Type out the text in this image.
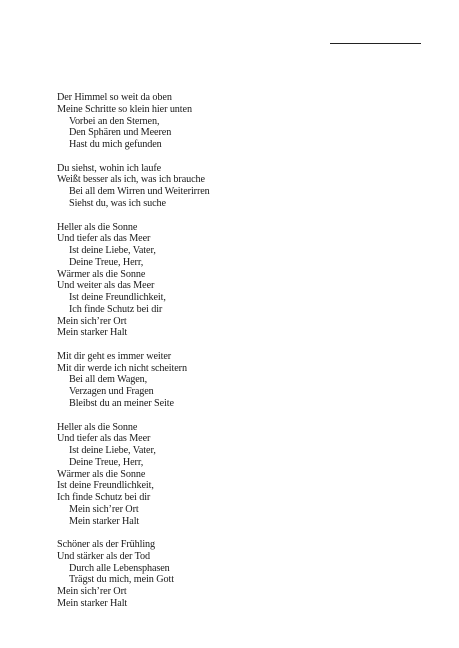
Der Himmel so weit da oben
Meine Schritte so klein hier unten
Vorbei an den Sternen,
Den Sphären und Meeren
Hast du mich gefunden
Du siehst, wohin ich laufe
Weißt besser als ich, was ich brauche
Bei all dem Wirren und Weiterirren
Siehst du, was ich suche
Heller als die Sonne
Und tiefer als das Meer
Ist deine Liebe, Vater,
Deine Treue, Herr,
Wärmer als die Sonne
Und weiter als das Meer
Ist deine Freundlichkeit,
Ich finde Schutz bei dir
Mein sich’rer Ort
Mein starker Halt
Mit dir geht es immer weiter
Mit dir werde ich nicht scheitern
Bei all dem Wagen,
Verzagen und Fragen
Bleibst du an meiner Seite
Heller als die Sonne
Und tiefer als das Meer
Ist deine Liebe, Vater,
Deine Treue, Herr,
Wärmer als die Sonne
Ist deine Freundlichkeit,
Ich finde Schutz bei dir
Mein sich’rer Ort
Mein starker Halt
Schöner als der Frühling
Und stärker als der Tod
Durch alle Lebensphasen
Trägst du mich, mein Gott
Mein sich’rer Ort
Mein starker Halt
